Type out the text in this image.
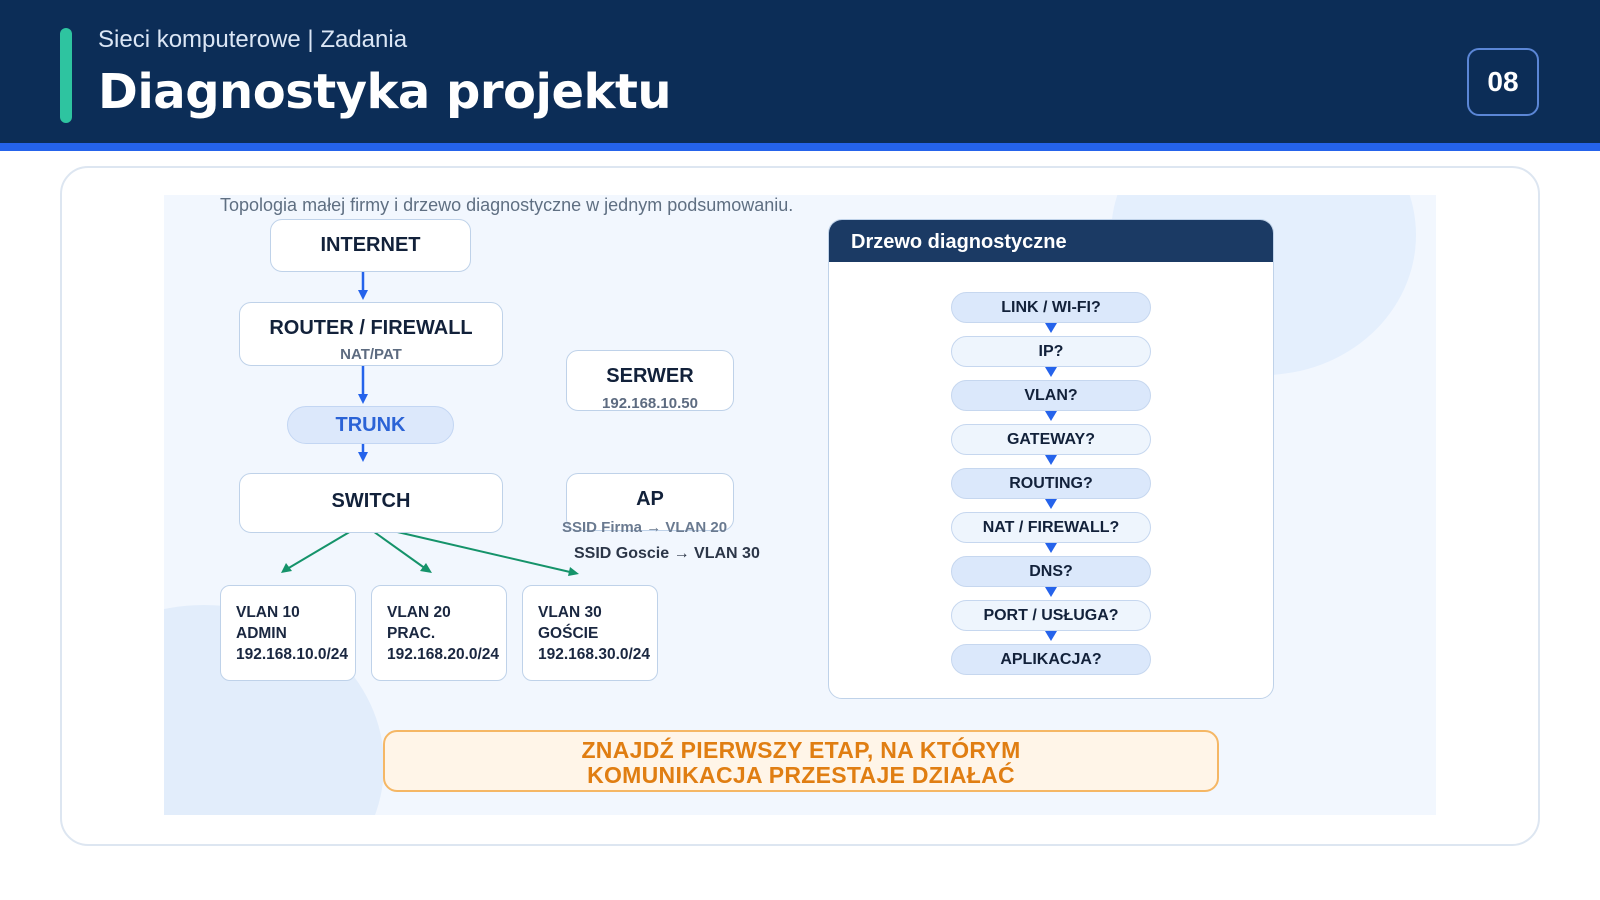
Sieci komputerowe | Zadania
Diagnostyka projektu	08
Topologia małej firmy i drzewo diagnostyczne w jednym podsumowaniu.
INTERNET
ROUTER / FIREWALL
NAT/PAT
TRUNK
SWITCH
SERWER
192.168.10.50
AP
SSID Firma → VLAN 20
SSID Goscie → VLAN 30
VLAN 10
ADMIN
192.168.10.0/24
VLAN 20
PRAC.
192.168.20.0/24
VLAN 30
GOŚCIE
192.168.30.0/24
Drzewo diagnostyczne
LINK / WI-FI?
IP?
VLAN?
GATEWAY?
ROUTING?
NAT / FIREWALL?
DNS?
PORT / USŁUGA?
APLIKACJA?
ZNAJDŹ PIERWSZY ETAP, NA KTÓRYM
KOMUNIKACJA PRZESTAJE DZIAŁAĆ
